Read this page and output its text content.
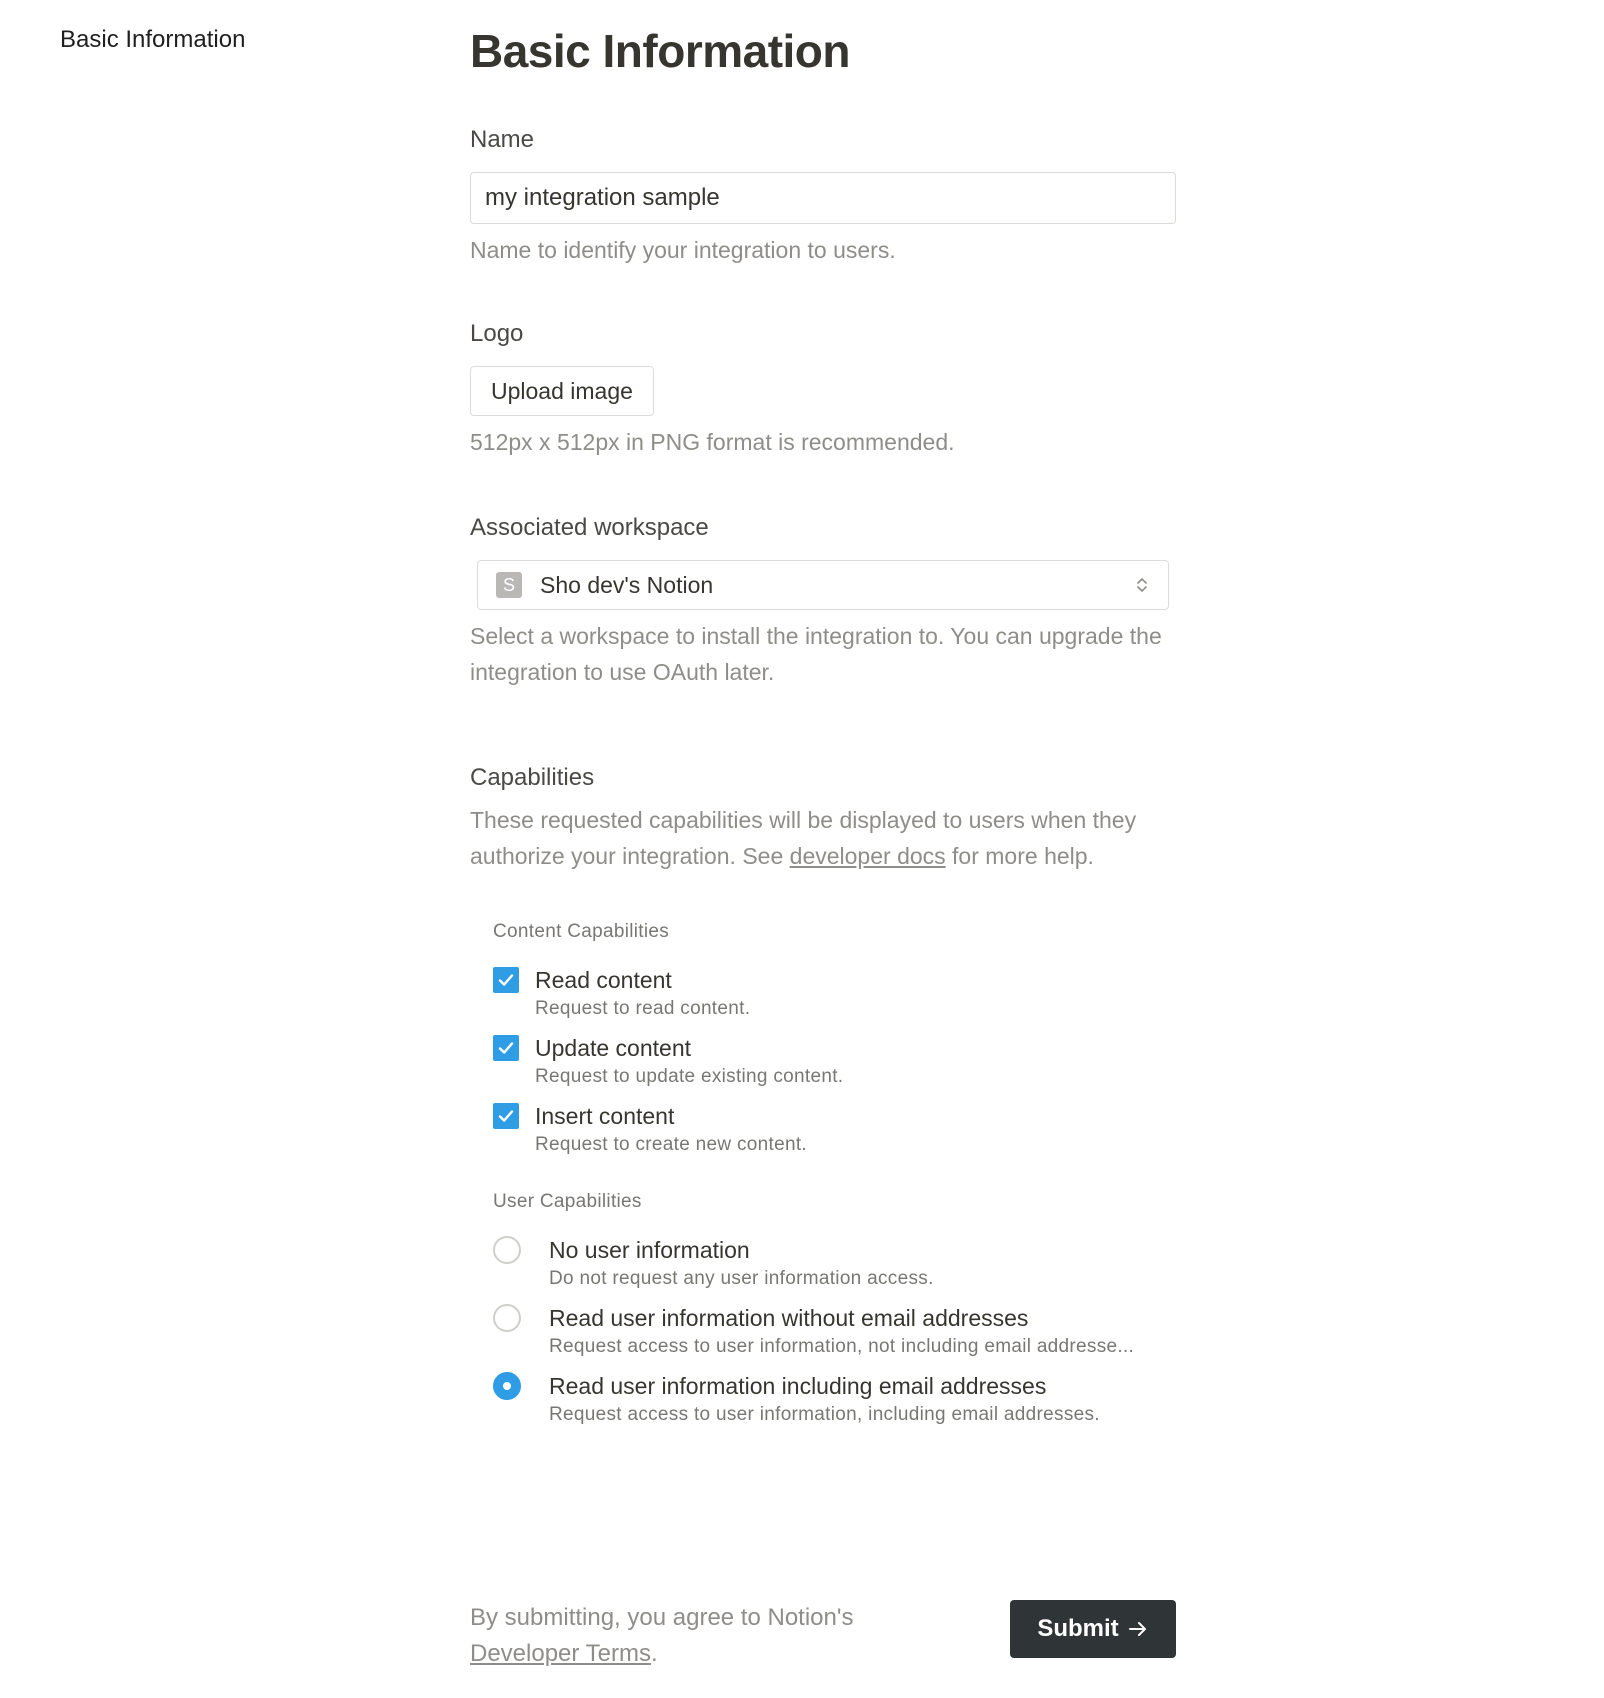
Basic Information	Basic Information
Name
my integration sample
Name to identify your integration to users.
Logo
Upload image
512px x 512px in PNG format is recommended.
Associated workspace
S	Sho dev's Notion
Select a workspace to install the integration to. You can upgrade the integration to use OAuth later.
Capabilities
These requested capabilities will be displayed to users when they authorize your integration. See developer docs for more help.
Content Capabilities
Read content
Request to read content.
Update content
Request to update existing content.
Insert content
Request to create new content.
User Capabilities
No user information
Do not request any user information access.
Read user information without email addresses
Request access to user information, not including email addresse...
Read user information including email addresses
Request access to user information, including email addresses.
By submitting, you agree to Notion's
Developer Terms.
Submit
